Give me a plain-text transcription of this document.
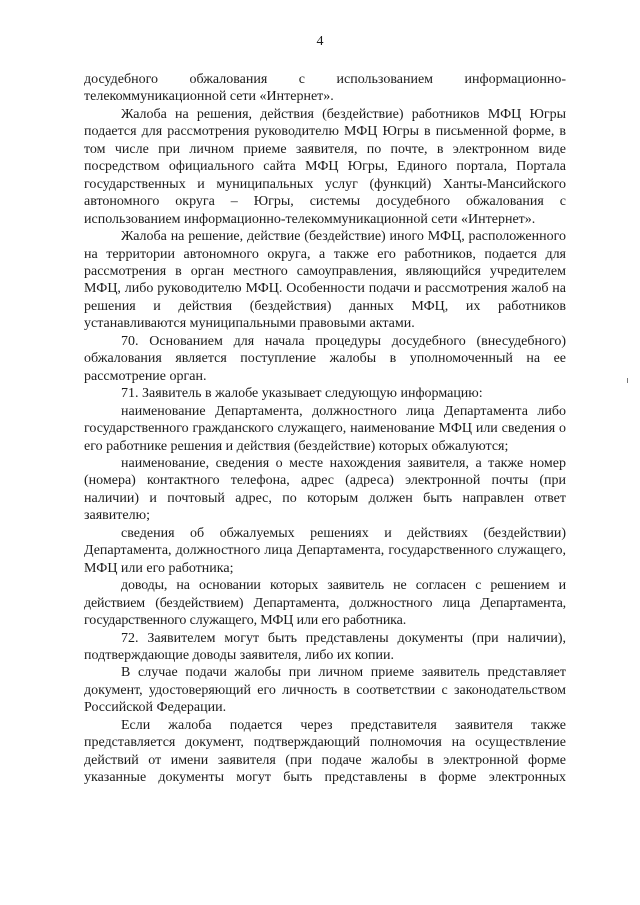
4

досудебного обжалования с использованием информационно-телекоммуникационной сети «Интернет».

Жалоба на решения, действия (бездействие) работников МФЦ Югры подается для рассмотрения руководителю МФЦ Югры в письменной форме, в том числе при личном приеме заявителя, по почте, в электронном виде посредством официального сайта МФЦ Югры, Единого портала, Портала государственных и муниципальных услуг (функций) Ханты-Мансийского автономного округа – Югры, системы досудебного обжалования с использованием информационно-телекоммуникационной сети «Интернет».

Жалоба на решение, действие (бездействие) иного МФЦ, расположенного на территории автономного округа, а также его работников, подается для рассмотрения в орган местного самоуправления, являющийся учредителем МФЦ, либо руководителю МФЦ. Особенности подачи и рассмотрения жалоб на решения и действия (бездействия) данных МФЦ, их работников устанавливаются муниципальными правовыми актами.

70. Основанием для начала процедуры досудебного (внесудебного) обжалования является поступление жалобы в уполномоченный на ее рассмотрение орган.

71. Заявитель в жалобе указывает следующую информацию:

наименование Департамента, должностного лица Департамента либо государственного гражданского служащего, наименование МФЦ или сведения о его работнике решения и действия (бездействие) которых обжалуются;

наименование, сведения о месте нахождения заявителя, а также номер (номера) контактного телефона, адрес (адреса) электронной почты (при наличии) и почтовый адрес, по которым должен быть направлен ответ заявителю;

сведения об обжалуемых решениях и действиях (бездействии) Департамента, должностного лица Департамента, государственного служащего, МФЦ или его работника;

доводы, на основании которых заявитель не согласен с решением и действием (бездействием) Департамента, должностного лица Департамента, государственного служащего, МФЦ или его работника.

72. Заявителем могут быть представлены документы (при наличии), подтверждающие доводы заявителя, либо их копии.

В случае подачи жалобы при личном приеме заявитель представляет документ, удостоверяющий его личность в соответствии с законодательством Российской Федерации.

Если жалоба подается через представителя заявителя также представляется документ, подтверждающий полномочия на осуществление действий от имени заявителя (при подаче жалобы в электронной форме указанные документы могут быть представлены в форме электронных
